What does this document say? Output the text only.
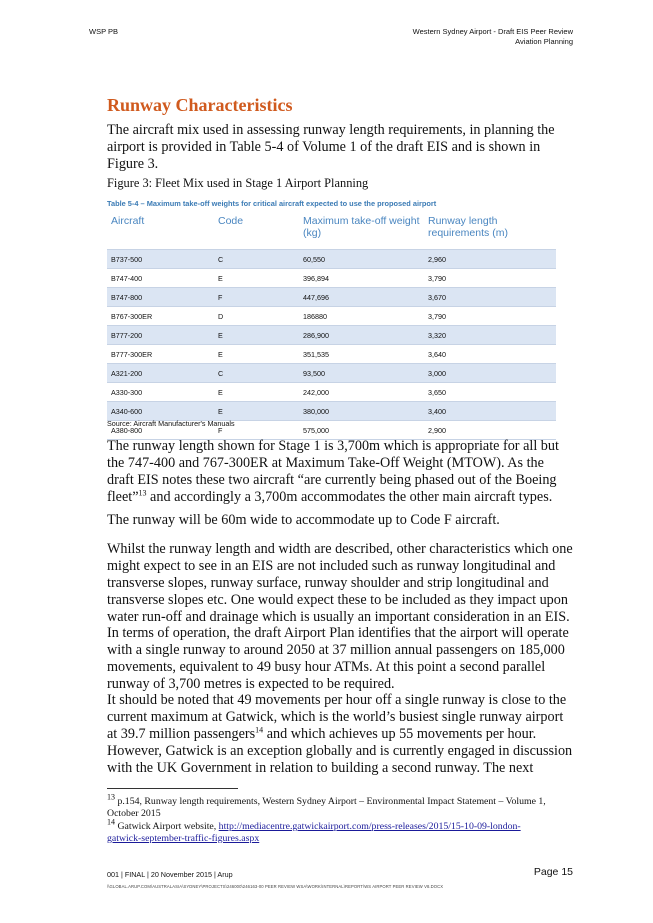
WSP PB	Western Sydney Airport - Draft EIS Peer Review
Aviation Planning
Runway Characteristics

The aircraft mix used in assessing runway length requirements, in planning the airport is provided in Table 5-4 of Volume 1 of the draft EIS and is shown in Figure 3.

Figure 3: Fleet Mix used in Stage 1 Airport Planning
Table 5-4 – Maximum take-off weights for critical aircraft expected to use the proposed airport
Aircraft	Code	Maximum take-off weight (kg)	Runway length requirements (m)
B737-500	C	60,550	2,960
B747-400	E	396,894	3,790
B747-800	F	447,696	3,670
B767-300ER	D	186880	3,790
B777-200	E	286,900	3,320
B777-300ER	E	351,535	3,640
A321-200	C	93,500	3,000
A330-300	E	242,000	3,650
A340-600	E	380,000	3,400
A380-800	F	575,000	2,900
Source: Aircraft Manufacturer's Manuals

The runway length shown for Stage 1 is 3,700m which is appropriate for all but the 747-400 and 767-300ER at Maximum Take-Off Weight (MTOW). As the draft EIS notes these two aircraft “are currently being phased out of the Boeing fleet”$^{13}$ and accordingly a 3,700m accommodates the other main aircraft types.

The runway will be 60m wide to accommodate up to Code F aircraft.

Whilst the runway length and width are described, other characteristics which one might expect to see in an EIS are not included such as runway longitudinal and transverse slopes, runway surface, runway shoulder and strip longitudinal and transverse slopes etc. One would expect these to be included as they impact upon water run-off and drainage which is usually an important consideration in an EIS.

In terms of operation, the draft Airport Plan identifies that the airport will operate with a single runway to around 2050 at 37 million annual passengers on 185,000 movements, equivalent to 49 busy hour ATMs. At this point a second parallel runway of 3,700 metres is expected to be required.

It should be noted that 49 movements per hour off a single runway is close to the current maximum at Gatwick, which is the world’s busiest single runway airport at 39.7 million passengers$^{14}$ and which achieves up 55 movements per hour. However, Gatwick is an exception globally and is currently engaged in discussion with the UK Government in relation to building a second runway. The next

$^{13}$ p.154, Runway length requirements, Western Sydney Airport – Environmental Impact Statement – Volume 1, October 2015
$^{14}$ Gatwick Airport website, http://mediacentre.gatwickairport.com/press-releases/2015/15-10-09-london-gatwick-september-traffic-figures.aspx
001 | FINAL | 20 November 2015 | Arup	Page 15
\\GLOBAL.ARUP.COM\AUSTRALASIA\SYDNEY\PROJECTS\246000\246163-00 PEER REVIEW WSA\WORK\INTERNAL\REPORT\WS AIRPORT PEER REVIEW V8.DOCX
